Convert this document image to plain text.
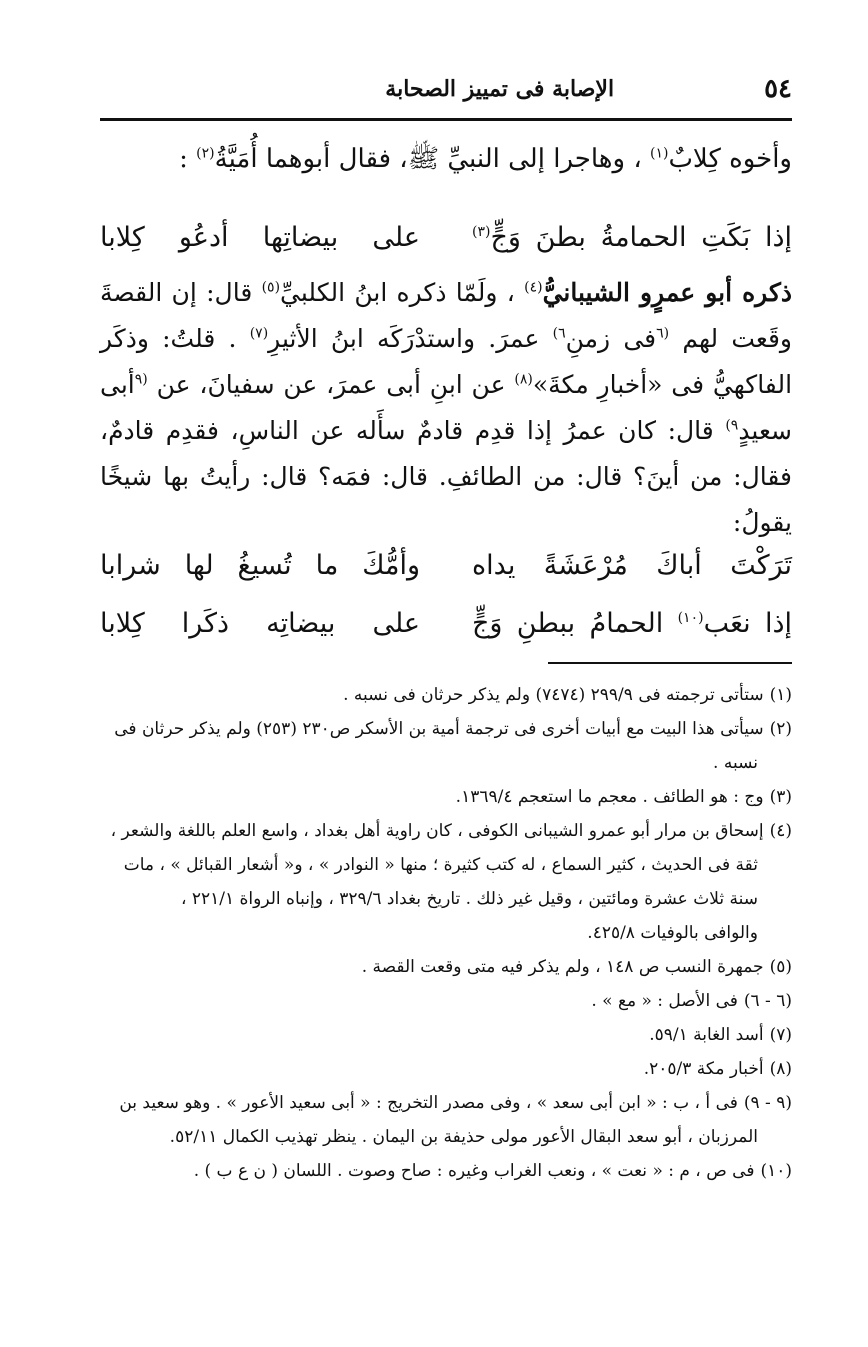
٥٤
الإصابة فى تمييز الصحابة

وأخوه كِلابٌ$^{(١)}$ ، وهاجرا إلى النبيِّ ﷺ، فقال أبوهما أُمَيَّةُ$^{(٢)}$ :

إذا بَكَتِ الحمامةُ بطنَ وَجٍّ$^{(٣)}$
على بيضاتِها أدعُو كِلابا
ذكره أبو عمرٍو الشيبانيُّ$^{(٤)}$ ، ولَمّا ذكره ابنُ الكلبيِّ$^{(٥)}$ قال: إن القصةَ وقَعت لهم $^{(٦}$فى زمنِ$^{٦)}$ عمرَ. واستدْرَكَه ابنُ الأثيرِ$^{(٧)}$ . قلتُ: وذكَر الفاكهيُّ فى «أخبارِ مكةَ»$^{(٨)}$ عن ابنِ أبى عمرَ، عن سفيانَ، عن $^{(٩}$أبى سعيدٍ$^{٩)}$ قال: كان عمرُ إذا قدِم قادمٌ سأَله عن الناسِ، فقدِم قادمٌ، فقال: من أينَ؟ قال: من الطائفِ. قال: فمَه؟ قال: رأيتُ بها شيخًا يقولُ:
تَرَكْتَ أباكَ مُرْعَشَةً يداه
وأمُّكَ ما تُسيغُ لها شرابا
إذا نعَب$^{(١٠)}$ الحمامُ ببطنِ وَجٍّ
على بيضاتِه ذكَرا كِلابا

(١)ستأتى ترجمته فى ٢٩٩/٩ (٧٤٧٤) ولم يذكر حرثان فى نسبه .

(٢)سيأتى هذا البيت مع أبيات أخرى فى ترجمة أمية بن الأسكر ص٢٣٠ (٢٥٣) ولم يذكر حرثان فى

نسبه .

(٣)وج : هو الطائف . معجم ما استعجم ١٣٦٩/٤.

(٤)إسحاق بن مرار أبو عمرو الشيبانى الكوفى ، كان راوية أهل بغداد ، واسع العلم باللغة والشعر ،

ثقة فى الحديث ، كثير السماع ، له كتب كثيرة ؛ منها « النوادر » ، و« أشعار القبائل » ، مات

سنة ثلاث عشرة ومائتين ، وقيل غير ذلك . تاريخ بغداد ٣٢٩/٦ ، وإنباه الرواة ٢٢١/١ ،

والوافى بالوفيات ٤٢٥/٨.

(٥)جمهرة النسب ص ١٤٨ ، ولم يذكر فيه متى وقعت القصة .

(٦ - ٦)فى الأصل : « مع » .

(٧)أسد الغابة ٥٩/١.

(٨)أخبار مكة ٢٠٥/٣.

(٩ - ٩)فى أ ، ب : « ابن أبى سعد » ، وفى مصدر التخريج : « أبى سعيد الأعور » . وهو سعيد بن

المرزبان ، أبو سعد البقال الأعور مولى حذيفة بن اليمان . ينظر تهذيب الكمال ٥٢/١١.

(١٠)فى ص ، م : « نعت » ، ونعب الغراب وغيره : صاح وصوت . اللسان ( ن ع ب ) .
